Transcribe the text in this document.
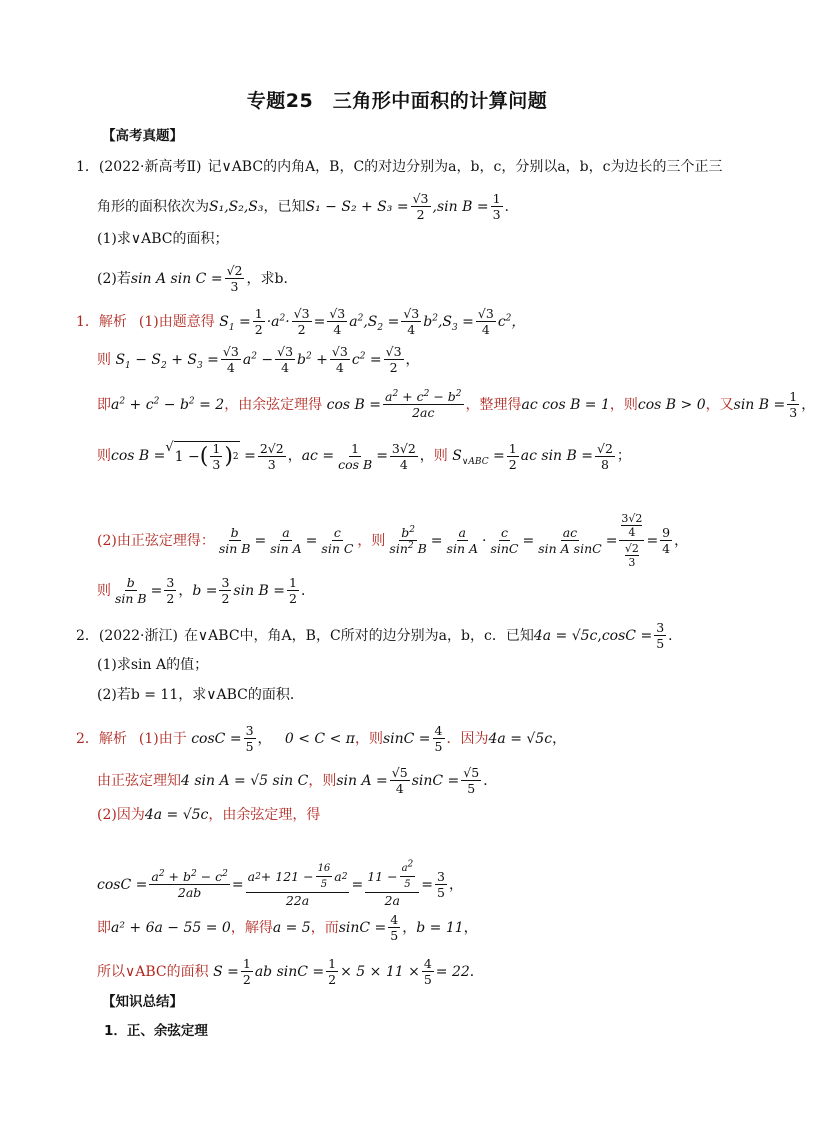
专题25　三角形中面积的计算问题
【高考真题】
1． (2022·新高考Ⅱ) 记∨ABC的内角A，B，C的对边分别为a，b，c，分别以a，b，c为边长的三个正三
角形的面积依次为 S₁,S₂,S₃ ，已知 $S_1 - S_2 + S_3 = \frac{√3}{2} ,\sin$ $B = \frac{1}{3}$ .
(1)求∨ABC的面积；
(2)若 sin A $\sin C = \frac{√2}{3}$ ，求b．
1． 解析 (1)由题意得 $S_1 = \frac{1}{2} \cdot a^2\cdot \frac{√3}{2} = \frac{√3}{4} a^2,S_2 = \frac{√3}{4} b^2,S_3 = \frac{√3}{4} c^2$，
则 $S_1 - S_2 + S_3 = \frac{√3}{4} a^2 - \frac{√3}{4} b^2 + \frac{√3}{4} c^2 = \frac{√3}{2}$ ，
即 $a^2 + c^2 - b^2 = 2$ ， 由余弦定理得 $\cos B = \frac{a^2 + c^2 - b^2}{2ac}$ ， 整理得 ac cos B = 1 ， 则 cos B > 0 ， 又 $\sin B = \frac{1}{3}$ ，
则 cos B =
√
1 − ( $\frac{1}{3}$ ) $2 = \frac{2√2}{3}$ ， ac = $\frac{1}{\text{cos B}} = \frac{3√2}{4}$ ， 则 $S_{\vee ABC} = \frac{1}{2}$ ac $\sin B = \frac{√2}{8}$ ；
(2)由正弦定理得： $\frac{b}{\text{sin B}} = \frac{a}{\text{sin A}} = \frac{c}{\text{sin C}}$ ，则 $\frac{b^2}{\sin^2 B} = \frac{a}{\text{sin A}} \cdot \frac{c}{\sin C} = \frac{ac}{\text{sin A sinC}} = 3√2$
4
√2
$3 = \frac{9}{4}$ ，
则 $\frac{b}{\text{sin B}} = \frac{3}{2}$ ， $b = \frac{3}{2}$ $\sin B = \frac{1}{2}$ ．
2． (2022·浙江) 在∨ABC中，角A，B，C所对的边分别为a，b，c．已知 4a = √5c , $\cos C = \frac{3}{5}$ ．
(1)求sin A的值；
(2)若b = 11，求∨ABC的面积．
2． 解析 (1)由于 $\cos C = \frac{3}{5}$ ， 0 < C < π ，则 $\sin C = \frac{4}{5}$ ．因为 4a = √5c ，
由正弦定理知 4 sin A = √5 sin C ，则 $\sin A = \frac{√5}{4}$ $\sin C = \frac{√5}{5}$ ．
(2)因为 4a = √5c ，由余弦定理，得
$\cos C = \frac{a^2 + b^2 - c^2}{2ab} = \frac{a 2 + 121 - \frac{16}{5} a 2}{22a} = \frac{11 - \frac{a^2}{5}}{2a} = \frac{3}{5}$ ，
即 a² + 6a − 55 = 0 ，解得 a = 5 ，而 $\sin C = \frac{4}{5}$ ， b = 11 ，
所以∨ABC的面积 $S = \frac{1}{2}$ ab $\sin C = \frac{1}{2} \times 5 \times 11 \times \frac{4}{5} = 22$ ．
【知识总结】
1．正、余弦定理
